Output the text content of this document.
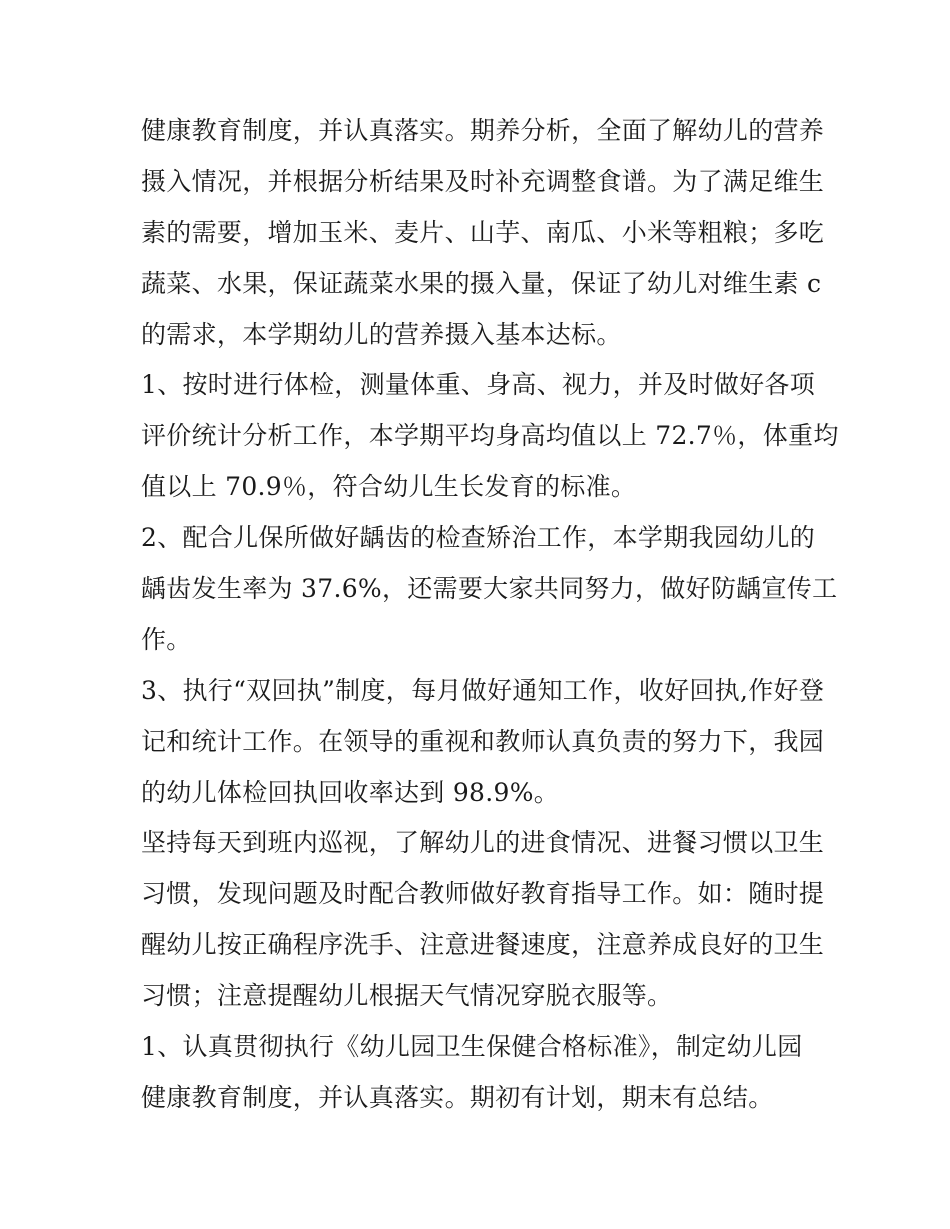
健康教育制度，并认真落实。期养分析，全面了解幼儿的营养
摄入情况，并根据分析结果及时补充调整食谱。为了满足维生
素的需要，增加玉米、麦片、山芋、南瓜、小米等粗粮；多吃
蔬菜、水果，保证蔬菜水果的摄入量，保证了幼儿对维生素 c
的需求，本学期幼儿的营养摄入基本达标。

1、按时进行体检，测量体重、身高、视力，并及时做好各项
评价统计分析工作，本学期平均身高均值以上 72.7％，体重均
值以上 70.9％，符合幼儿生长发育的标准。

2、配合儿保所做好龋齿的检查矫治工作，本学期我园幼儿的
龋齿发生率为 37.6%，还需要大家共同努力，做好防龋宣传工
作。

3、执行“双回执”制度，每月做好通知工作，收好回执,作好登
记和统计工作。在领导的重视和教师认真负责的努力下，我园
的幼儿体检回执回收率达到 98.9%。

坚持每天到班内巡视，了解幼儿的进食情况、进餐习惯以卫生
习惯，发现问题及时配合教师做好教育指导工作。如：随时提
醒幼儿按正确程序洗手、注意进餐速度，注意养成良好的卫生
习惯；注意提醒幼儿根据天气情况穿脱衣服等。

1、认真贯彻执行《幼儿园卫生保健合格标准》，制定幼儿园
健康教育制度，并认真落实。期初有计划，期末有总结。
